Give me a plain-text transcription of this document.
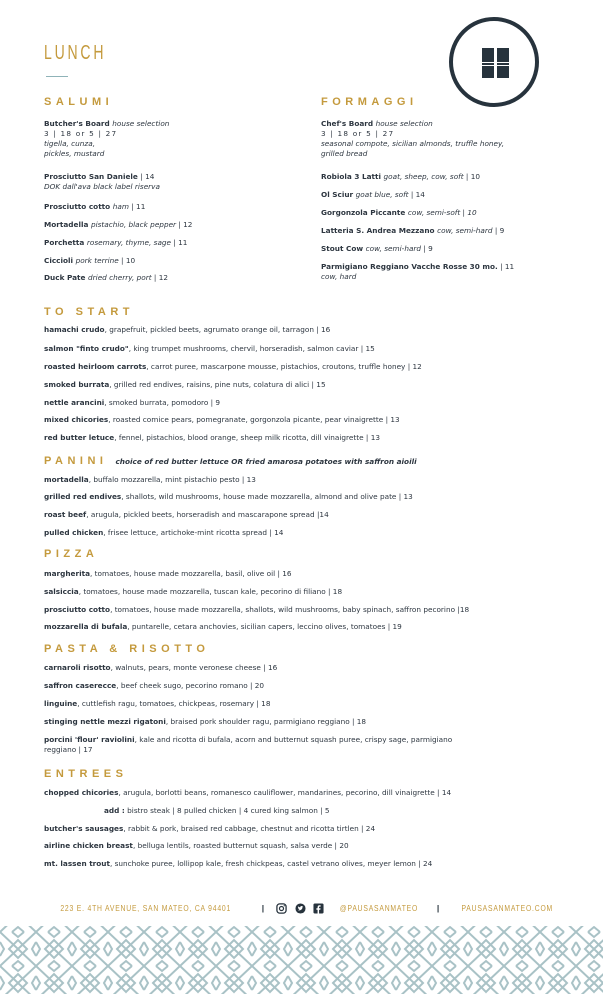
LUNCH
SALUMI
Butcher's Board house selection
3 | 18 or 5 | 27
tigella, cunza,
pickles, mustard
Prosciutto San Daniele | 14
DOK dall'ava black label riserva
Prosciutto cotto ham | 11
Mortadella pistachio, black pepper | 12
Porchetta rosemary, thyme, sage | 11
Ciccioli pork terrine | 10
Duck Pate dried cherry, port | 12
FORMAGGI
Chef's Board house selection
3 | 18 or 5 | 27
seasonal compote, sicilian almonds, truffle honey,
grilled bread
Robiola 3 Latti goat, sheep, cow, soft | 10
Ol Sciur goat blue, soft | 14
Gorgonzola Piccante cow, semi-soft | 10
Latteria S. Andrea Mezzano cow, semi-hard | 9
Stout Cow cow, semi-hard | 9
Parmigiano Reggiano Vacche Rosse 30 mo. | 11
cow, hard
TO START
hamachi crudo, grapefruit, pickled beets, agrumato orange oil, tarragon | 16
salmon "finto crudo", king trumpet mushrooms, chervil, horseradish, salmon caviar | 15
roasted heirloom carrots, carrot puree, mascarpone mousse, pistachios, croutons, truffle honey | 12
smoked burrata, grilled red endives, raisins, pine nuts, colatura di alici | 15
nettle arancini, smoked burrata, pomodoro | 9
mixed chicories, roasted comice pears, pomegranate, gorgonzola picante, pear vinaigrette | 13
red butter letuce, fennel, pistachios, blood orange, sheep milk ricotta, dill vinaigrette | 13
PANINI choice of red butter lettuce OR fried amarosa potatoes with saffron aioili
mortadella, buffalo mozzarella, mint pistachio pesto | 13
grilled red endives, shallots, wild mushrooms, house made mozzarella, almond and olive pate | 13
roast beef, arugula, pickled beets, horseradish and mascarapone spread |14
pulled chicken, frisee lettuce, artichoke-mint ricotta spread | 14
PIZZA
margherita, tomatoes, house made mozzarella, basil, olive oil | 16
salsiccia, tomatoes, house made mozzarella, tuscan kale, pecorino di filiano | 18
prosciutto cotto, tomatoes, house made mozzarella, shallots, wild mushrooms, baby spinach, saffron pecorino |18
mozzarella di bufala, puntarelle, cetara anchovies, sicilian capers, leccino olives, tomatoes | 19
PASTA & RISOTTO
carnaroli risotto, walnuts, pears, monte veronese cheese | 16
saffron caserecce, beef cheek sugo, pecorino romano | 20
linguine, cuttlefish ragu, tomatoes, chickpeas, rosemary | 18
stinging nettle mezzi rigatoni, braised pork shoulder ragu, parmigiano reggiano | 18
porcini 'flour' raviolini, kale and ricotta di bufala, acorn and butternut squash puree, crispy sage, parmigiano reggiano | 17
ENTREES
chopped chicories, arugula, borlotti beans, romanesco cauliflower, mandarines, pecorino, dill vinaigrette | 14
add : bistro steak | 8 pulled chicken | 4 cured king salmon | 5
butcher's sausages, rabbit & pork, braised red cabbage, chestnut and ricotta tirtlen | 24
airline chicken breast, belluga lentils, roasted butternut squash, salsa verde | 20
mt. lassen trout, sunchoke puree, lollipop kale, fresh chickpeas, castel vetrano olives, meyer lemon | 24
223 E. 4TH AVENUE, SAN MATEO, CA 94401	|	@PAUSASANMATEO | PAUSASANMATEO.COM
